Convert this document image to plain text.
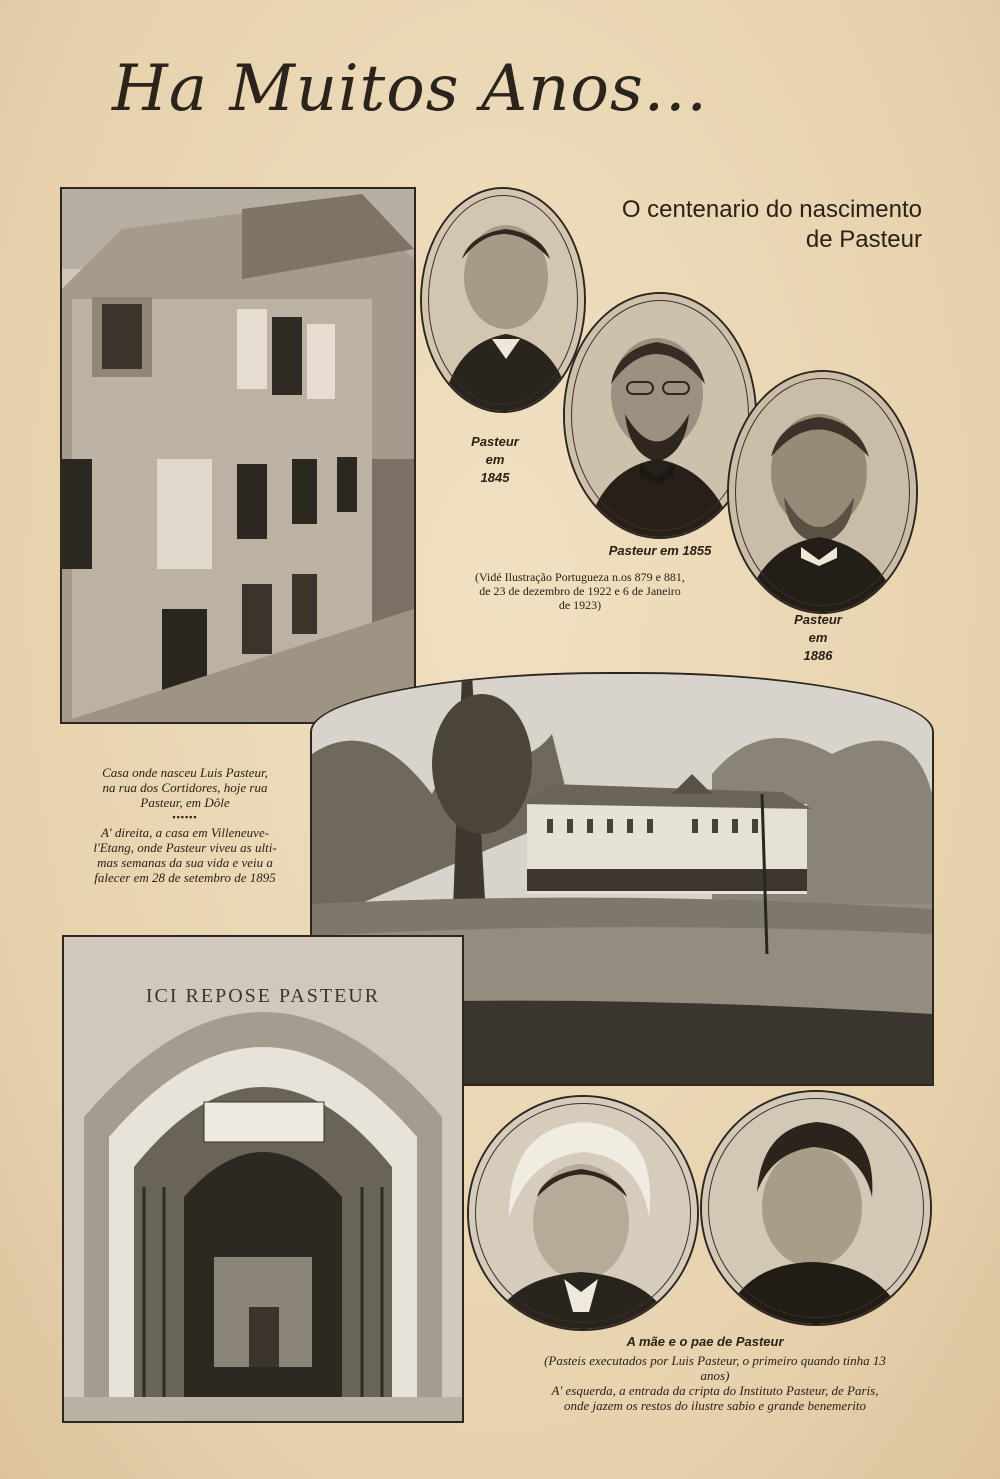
Ha Muitos Anos...
O centenario do nascimento
de Pasteur
Pasteur
em
1845
Pasteur em 1855
(Vidé Ilustração Portugueza n.os 879 e 881,
de 23 de dezembro de 1922 e 6 de Janeiro
de 1923)
Pasteur
em
1886
Casa onde nasceu Luis Pasteur,
na rua dos Cortidores, hoje rua
Pasteur, em Dôle
▪▪▪▪▪▪
A' direita, a casa em Villeneuve-
l'Etang, onde Pasteur viveu as ulti-
mas semanas da sua vida e veiu a
falecer em 28 de setembro de 1895
ICI REPOSE PASTEUR
A mãe e o pae de Pasteur
(Pasteis executados por Luis Pasteur, o primeiro quando tinha 13
anos)
A' esquerda, a entrada da cripta do Instituto Pasteur, de Paris,
onde jazem os restos do ilustre sabio e grande benemerito
